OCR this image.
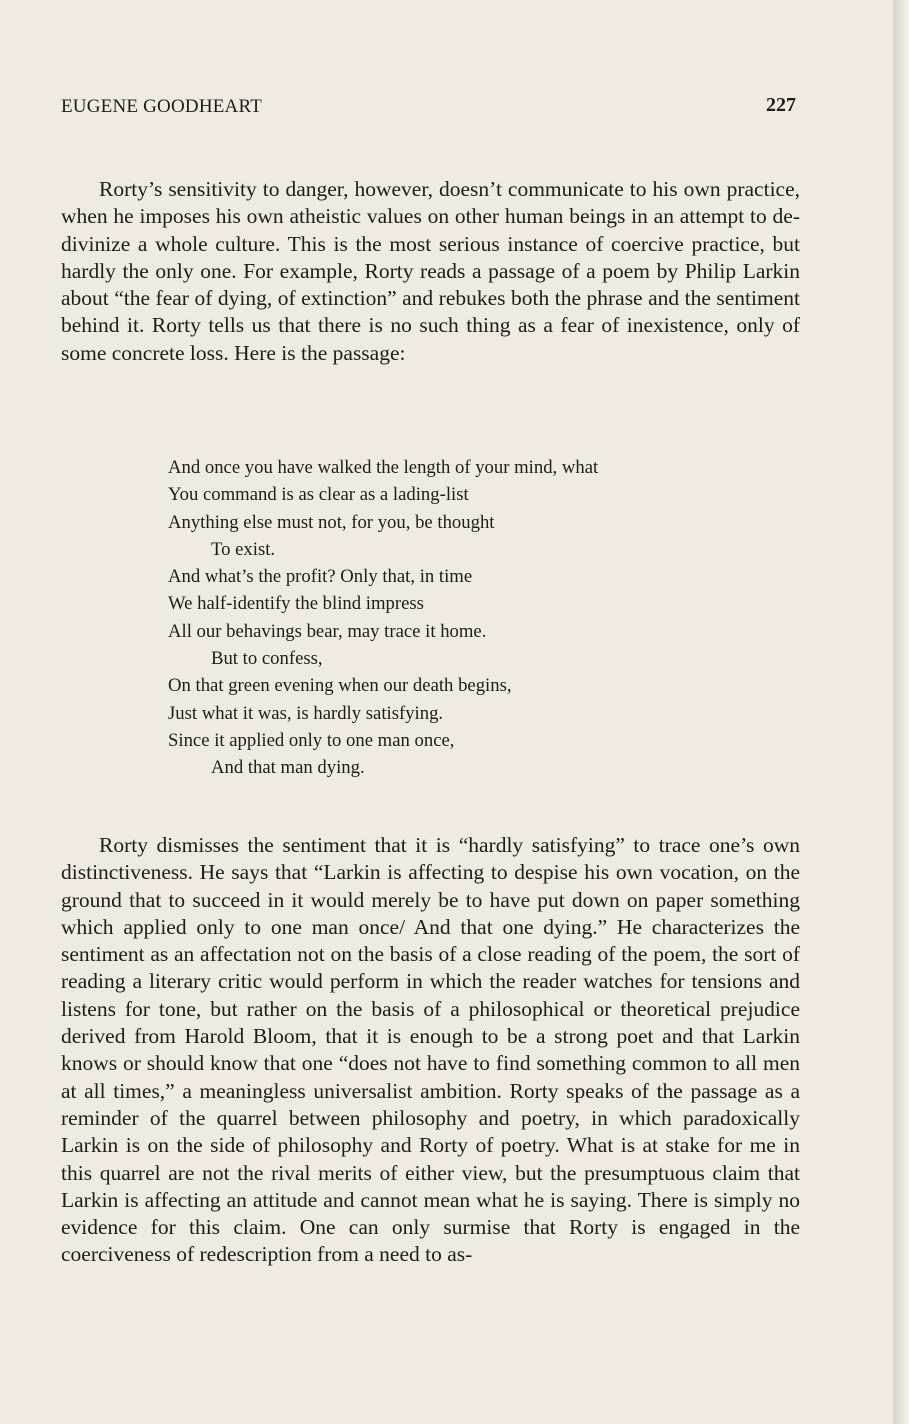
EUGENE GOODHEART	227

Rorty’s sensitivity to danger, however, doesn’t communicate to his own practice, when he imposes his own atheistic values on other human beings in an attempt to de-divinize a whole culture. This is the most serious instance of coercive practice, but hardly the only one. For example, Rorty reads a passage of a poem by Philip Larkin about “the fear of dying, of extinction” and rebukes both the phrase and the sentiment behind it. Rorty tells us that there is no such thing as a fear of inexistence, only of some concrete loss. Here is the passage:

And once you have walked the length of your mind, what
You command is as clear as a lading-list
Anything else must not, for you, be thought
To exist.
And what’s the profit? Only that, in time
We half-identify the blind impress
All our behavings bear, may trace it home.
But to confess,
On that green evening when our death begins,
Just what it was, is hardly satisfying.
Since it applied only to one man once,
And that man dying.

Rorty dismisses the sentiment that it is “hardly satisfying” to trace one’s own distinctiveness. He says that “Larkin is affecting to despise his own vocation, on the ground that to succeed in it would merely be to have put down on paper something which applied only to one man once/ And that one dying.” He characterizes the sentiment as an affectation not on the basis of a close reading of the poem, the sort of reading a literary critic would perform in which the reader watches for tensions and listens for tone, but rather on the basis of a philosophical or theoretical prejudice derived from Harold Bloom, that it is enough to be a strong poet and that Larkin knows or should know that one “does not have to find something common to all men at all times,” a meaningless universalist ambition. Rorty speaks of the passage as a reminder of the quarrel between philosophy and poetry, in which paradoxically Larkin is on the side of philosophy and Rorty of poetry. What is at stake for me in this quarrel are not the rival merits of either view, but the presumptuous claim that Larkin is affecting an attitude and cannot mean what he is saying. There is simply no evidence for this claim. One can only surmise that Rorty is engaged in the coerciveness of redescription from a need to as-
